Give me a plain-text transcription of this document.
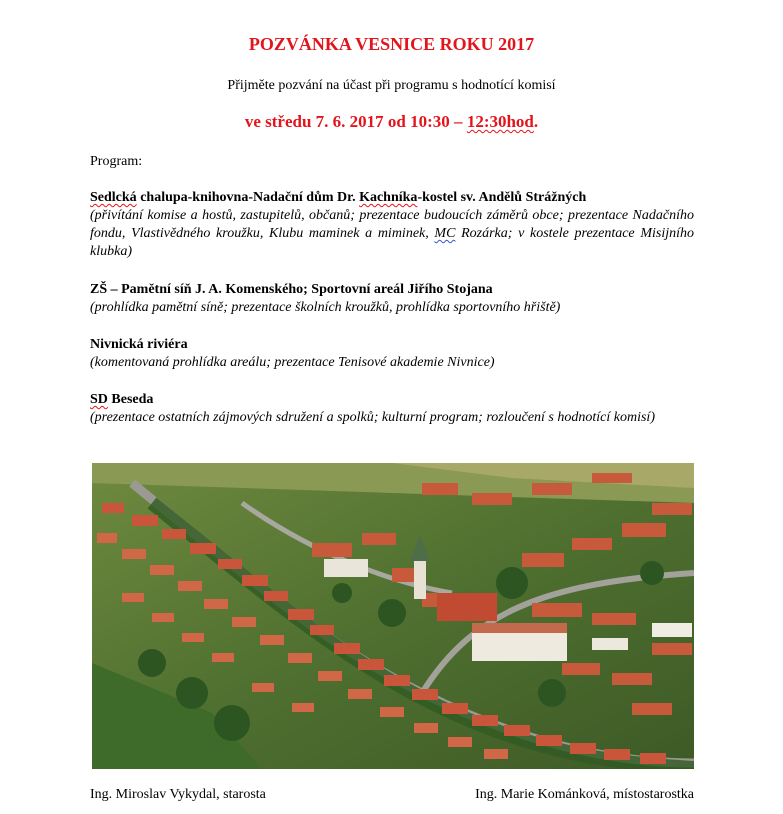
POZVÁNKA VESNICE ROKU 2017
Přijměte pozvání na účast při programu s hodnotící komisí
ve středu 7. 6. 2017 od 10:30 – 12:30hod.
Program:
Sedlcká chalupa-knihovna-Nadační dům Dr. Kachníka-kostel sv. Andělů Strážných
(přivítání komise a hostů, zastupitelů, občanů; prezentace budoucích záměrů obce; prezentace Nadačního fondu, Vlastivědného kroužku, Klubu maminek a miminek, MC Rozárka; v kostele prezentace Misijního klubka)
ZŠ – Pamětní síň J. A. Komenského; Sportovní areál Jiřího Stojana
(prohlídka pamětní síně; prezentace školních kroužků, prohlídka sportovního hřiště)
Nivnická riviéra
(komentovaná prohlídka areálu; prezentace Tenisové akademie Nivnice)
SD Beseda
(prezentace ostatních zájmových sdružení a spolků; kulturní program; rozloučení s hodnotící komisí)
Ing. Miroslav Vykydal, starosta	Ing. Marie Kománková, místostarostka
